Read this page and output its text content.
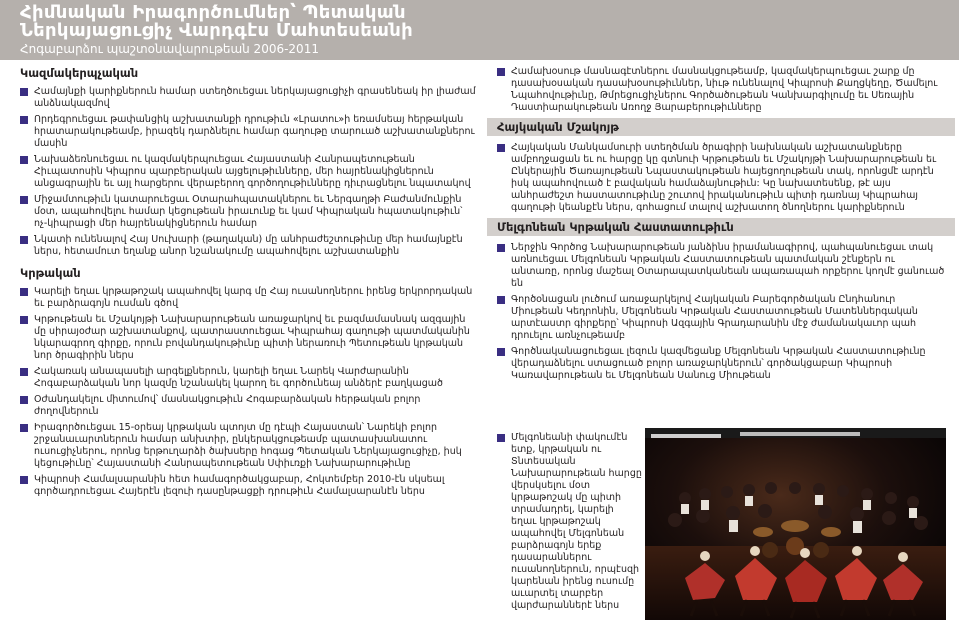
Հիմնական Իրագործումներ՝ Պետական
Ներկայացուցիչ Վարդգէս Մահտեսեանի
Հոգաբարձու պաշտօնավարութեան 2006-2011
Կազմակերպչական
Համայնքի կարիքներուն համար ստեղծուեցաւ ներկայացուցիչի գրասենեակ իր լիաժամ անձնակազմով
Որդեգրուեցաւ թափանցիկ աշխատանքի դրութիւն «Լրատու»ի եռամսեայ հերթական հրատարակութեամբ, իրազեկ դարձնելու համար գաղութը տարուած աշխատանքներու մասին
Նախաձեռնուեցաւ ու կազմակերպուեցաւ Հայաստանի Հանրապետութեան Հիւպատոսին Կիպրոս պարբերական այցելութիւնները, մեր հայրենակիցներուն անցագրային եւ այլ հարցերու վերաբերող գործողութիւնները դիւրացնելու նպատակով
Միջամտութիւն կատարուեցաւ Օտարահպատակներու եւ Ներգաղթի Բաժանմունքին մօտ, ապահովելու համար կեցութեան իրաւունք եւ կամ Կիպրական հպատակութիւն՝ ոչ-կիպրացի մեր հայրենակիցներուն համար
Նկատի ունենալով Հայ Սուխարի (թաղական) մը անհրաժեշտութիւնը մեր համայնքէն ներս, հետամուտ եղանք անոր նշանակումը ապահովելու աշխատանքին
Կրթական
Կարելի եղաւ կրթաթոշակ ապահովել կարգ մը Հայ ուսանողներու իրենց երկրորդական եւ բարձրագոյն ուսման գծով
Կրթութեան եւ Մշակոյթի Նախարարութեան առաջարկով եւ բազմամասնակ ազգային մը սիրայօժար աշխատանքով, պատրաստուեցաւ Կիպրահայ գաղութի պատմականին նկարագրող գիրքը, որուն բովանդակութիւնը պիտի ներառուի Պետութեան կրթական նոր ծրագիրին ներս
Հակառակ անապասելի արգելքներուն, կարելի եղաւ Նարեկ Վարժարանին Հոգաբարձական նոր կազմը նշանակել կարող եւ գործունեայ անձերէ բաղկացած
Օժանդակելու միտումով՝ մասնակցութիւն Հոգաբարձական հերթական բոլոր ժողովներուն
Իրագործուեցաւ 15-օրեայ կրթական պտոյտ մը դէպի Հայաստան՝ Նարեկի բոլոր շրջանաւարտներուն համար անխտիր, ընկերակցութեամբ պատասխանատու ուսուցիչներու, որոնց երթուղարձի ծախսերը հոգաց Պետական Ներկայացուցիչը, իսկ կեցութիւնը՝ Հայաստանի Հանրապետութեան Սփիւռքի Նախարարութիւնը
Կիպրոսի Համալսարանին հետ համագործակցաբար, Հոկտեմբեր 2010-էն սկսեալ գործադրուեցաւ Հայերէն լեզուի դասընթացքի դրութիւն Համալսարանէն ներս
Համախօսութ մասնագէտներու մասնակցութեամբ, կազմակերպուեցաւ շարք մը դասախօսական դասախօսութիւններ, նիւթ ունենալով Կիպրոսի Քաղցկեղը, Ծամելու Նպահովութիւնը, Թմրեցուցիչներու Գործածութեան Կանխարգիլումը եւ Սեռային Դաստիարակութեան Առողջ Յարաբերութիւնները
Հայկական Մշակոյթ
Հայկական Մանկամսուրի ստեղծման ծրագիրի նախնական աշխատանքները ամբողջացան եւ ու հարցը կը գտնուի Կրթութեան եւ Մշակոյթի Նախարարութեան եւ Ընկերային Ծառայութեան Նպաստակութեան հայեցողութեան տակ, որոնցմէ արդէն իսկ ապահովուած է բավական համաձայնութիւն: Կը նախատեսենք, թէ այս անհրաժեշտ հաստատութիւնը շուտով իրականութիւն պիտի դառնայ Կիպրահայ գաղութի կեանքէն ներս, գոհացում տալով աշխատող ծնողներու կարիքներուն
Մելգոնեան Կրթական Հաստատութիւն
Ներջին Գործոց Նախարարութեան յանձինս իրամանագիրով, պահպանուեցաւ տակ առնուեցաւ Մելգոնեան Կրթական Հաստատութեան պատմական շէնքերն ու անտառը, որոնց մաշեալ Օտարապատկանեան ապառապահ որքերու կողմէ ցանուած են
Գործօնացան լուծում առաջարկելով Հայկական Բարեգործական Ընդհանուր Միութեան Կեդրոնին, Մելգոնեան Կրթական Հաստատութեան Մատեններգական արտէաստր գիրքերը՝ Կիպրոսի Ազգային Գրադարանին մէջ ժամանակաւոր պահ դրուելու առնչութեամբ
Գործնականացուեցաւ լեզուն կազմեցանք Մելգոնեան Կրթական Հաստատութիւնը վերադաձնելու ստացուած բոլոր առաջարկներուն՝ գործակցաբար Կիպրոսի Կառավարութեան եւ Մելգոնեան Սանուց Միութեան
Մելգոնեանի փակումէն ետք, կրթական ու Տնտեսական Նախարարութեան հարցը վերսկսելու մօտ կրթաթոշակ մը պիտի տրամադրել, կարելի եղաւ կրթաթոշակ ապահովել Մելգոնեան բարձրագոյն երեք դասարաններու ուսանողներուն, որպէսզի կարենան իրենց ուսումը աւարտել տարբեր վարժարաններէ ներս
